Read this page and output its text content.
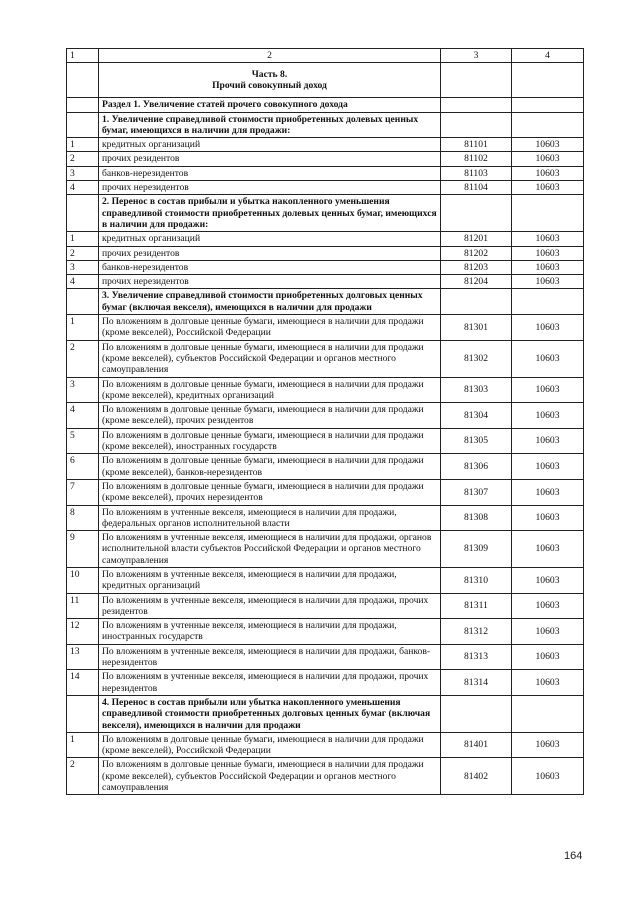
1	2	3	4

	Часть 8.
Прочий совокупный доход		

	Раздел 1. Увеличение статей прочего совокупного дохода		
	1. Увеличение справедливой стоимости приобретенных долевых ценных бумаг, имеющихся в наличии для продажи:		
1	кредитных организаций	81101	10603
2	прочих резидентов	81102	10603
3	банков-нерезидентов	81103	10603
4	прочих нерезидентов	81104	10603
	2. Перенос в состав прибыли и убытка накопленного уменьшения справедливой стоимости приобретенных долевых ценных бумаг, имеющихся в наличии для продажи:		
1	кредитных организаций	81201	10603
2	прочих резидентов	81202	10603
3	банков-нерезидентов	81203	10603
4	прочих нерезидентов	81204	10603
	3. Увеличение справедливой стоимости приобретенных долговых ценных бумаг (включая векселя), имеющихся в наличии для продажи		
1	По вложениям в долговые ценные бумаги, имеющиеся в наличии для продажи (кроме векселей), Российской Федерации	81301	10603
2	По вложениям в долговые ценные бумаги, имеющиеся в наличии для продажи (кроме векселей), субъектов Российской Федерации и органов местного самоуправления	81302	10603
3	По вложениям в долговые ценные бумаги, имеющиеся в наличии для продажи (кроме векселей), кредитных организаций	81303	10603
4	По вложениям в долговые ценные бумаги, имеющиеся в наличии для продажи (кроме векселей), прочих резидентов	81304	10603
5	По вложениям в долговые ценные бумаги, имеющиеся в наличии для продажи (кроме векселей), иностранных государств	81305	10603
6	По вложениям в долговые ценные бумаги, имеющиеся в наличии для продажи (кроме векселей), банков-нерезидентов	81306	10603
7	По вложениям в долговые ценные бумаги, имеющиеся в наличии для продажи (кроме векселей), прочих нерезидентов	81307	10603
8	По вложениям в учтенные векселя, имеющиеся в наличии для продажи, федеральных органов исполнительной власти	81308	10603
9	По вложениям в учтенные векселя, имеющиеся в наличии для продажи, органов исполнительной власти субъектов Российской Федерации и органов местного самоуправления	81309	10603
10	По вложениям в учтенные векселя, имеющиеся в наличии для продажи, кредитных организаций	81310	10603
11	По вложениям в учтенные векселя, имеющиеся в наличии для продажи, прочих резидентов	81311	10603
12	По вложениям в учтенные векселя, имеющиеся в наличии для продажи, иностранных государств	81312	10603
13	По вложениям в учтенные векселя, имеющиеся в наличии для продажи, банков-нерезидентов	81313	10603
14	По вложениям в учтенные векселя, имеющиеся в наличии для продажи, прочих нерезидентов	81314	10603
	4. Перенос в состав прибыли или убытка накопленного уменьшения справедливой стоимости приобретенных долговых ценных бумаг (включая векселя), имеющихся в наличии для продажи		
1	По вложениям в долговые ценные бумаги, имеющиеся в наличии для продажи (кроме векселей), Российской Федерации	81401	10603
2	По вложениям в долговые ценные бумаги, имеющиеся в наличии для продажи (кроме векселей), субъектов Российской Федерации и органов местного самоуправления	81402	10603
164
